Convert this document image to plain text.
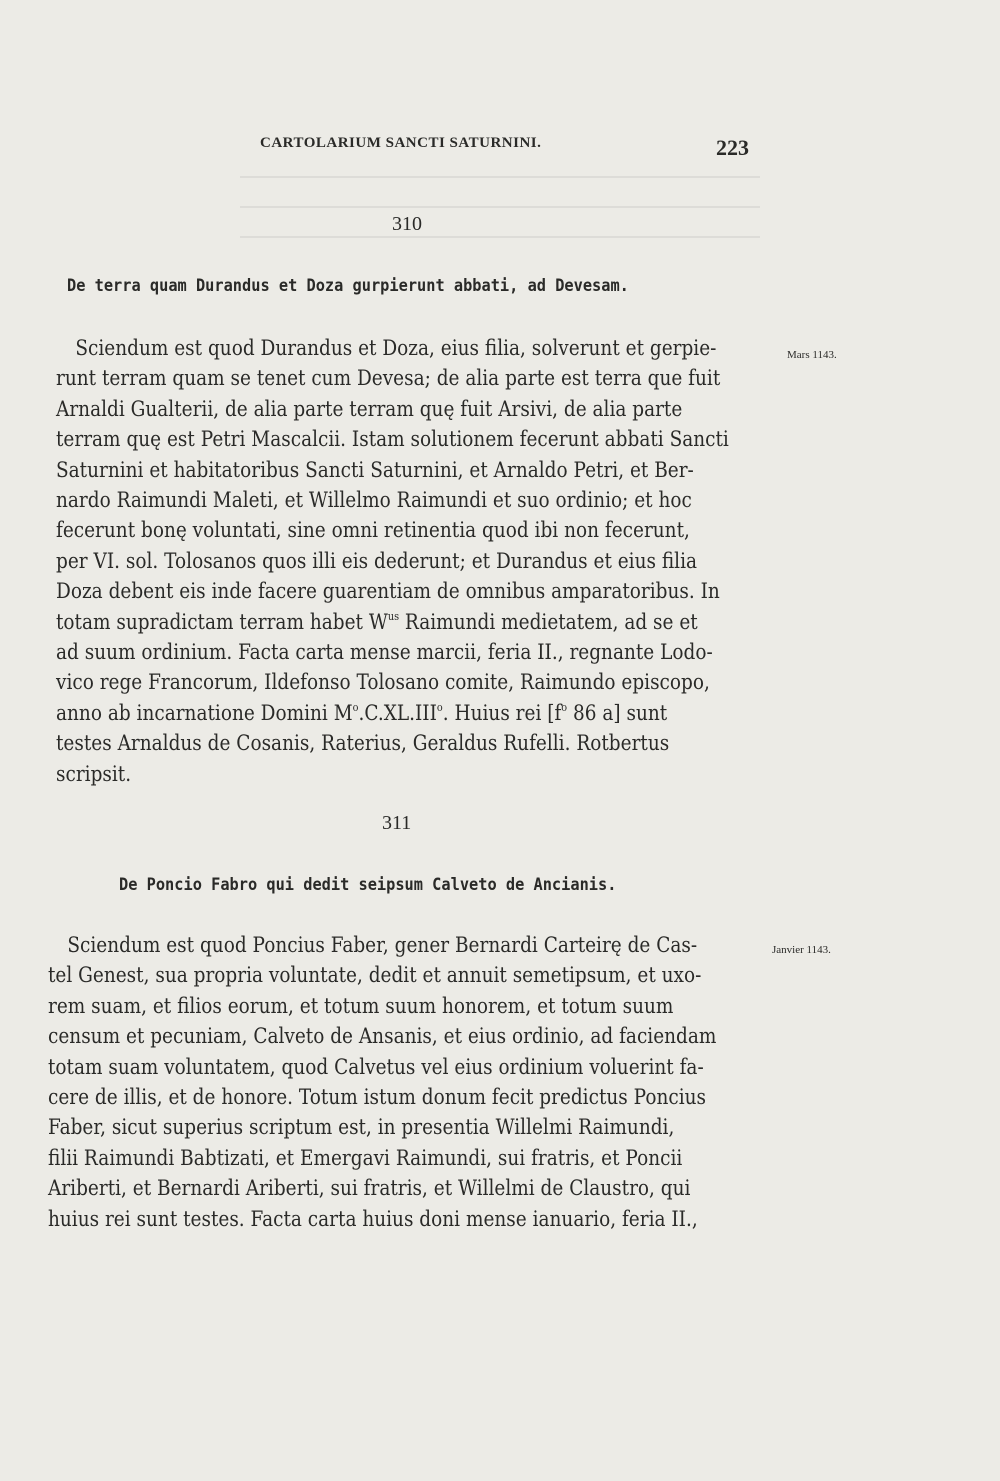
CARTOLARIUM SANCTI SATURNINI.	223

310

De terra quam Durandus et Doza gurpierunt abbati, ad Devesam.

Mars 1143.

Sciendum est quod Durandus et Doza, eius filia, solverunt et gerpie-
runt terram quam se tenet cum Devesa; de alia parte est terra que fuit
Arnaldi Gualterii, de alia parte terram quę fuit Arsivi, de alia parte
terram quę est Petri Mascalcii. Istam solutionem fecerunt abbati Sancti
Saturnini et habitatoribus Sancti Saturnini, et Arnaldo Petri, et Ber-
nardo Raimundi Maleti, et Willelmo Raimundi et suo ordinio; et hoc
fecerunt bonę voluntati, sine omni retinentia quod ibi non fecerunt,
per VI. sol. Tolosanos quos illi eis dederunt; et Durandus et eius filia
Doza debent eis inde facere guarentiam de omnibus amparatoribus. In
totam supradictam terram habet $W^{us}$ Raimundi medietatem, ad se et
ad suum ordinium. Facta carta mense marcii, feria II., regnante Lodo-
vico rege Francorum, Ildefonso Tolosano comite, Raimundo episcopo,
anno ab incarnatione Domini $M^o.C.XL.III^o$. Huius rei [$f^o$ 86 a] sunt
testes Arnaldus de Cosanis, Raterius, Geraldus Rufelli. Rotbertus
scripsit.

311

De Poncio Fabro qui dedit seipsum Calveto de Ancianis.

Janvier 1143.

Sciendum est quod Poncius Faber, gener Bernardi Carteirę de Cas-
tel Genest, sua propria voluntate, dedit et annuit semetipsum, et uxo-
rem suam, et filios eorum, et totum suum honorem, et totum suum
censum et pecuniam, Calveto de Ansanis, et eius ordinio, ad faciendam
totam suam voluntatem, quod Calvetus vel eius ordinium voluerint fa-
cere de illis, et de honore. Totum istum donum fecit predictus Poncius
Faber, sicut superius scriptum est, in presentia Willelmi Raimundi,
filii Raimundi Babtizati, et Emergavi Raimundi, sui fratris, et Poncii
Ariberti, et Bernardi Ariberti, sui fratris, et Willelmi de Claustro, qui
huius rei sunt testes. Facta carta huius doni mense ianuario, feria II.,
